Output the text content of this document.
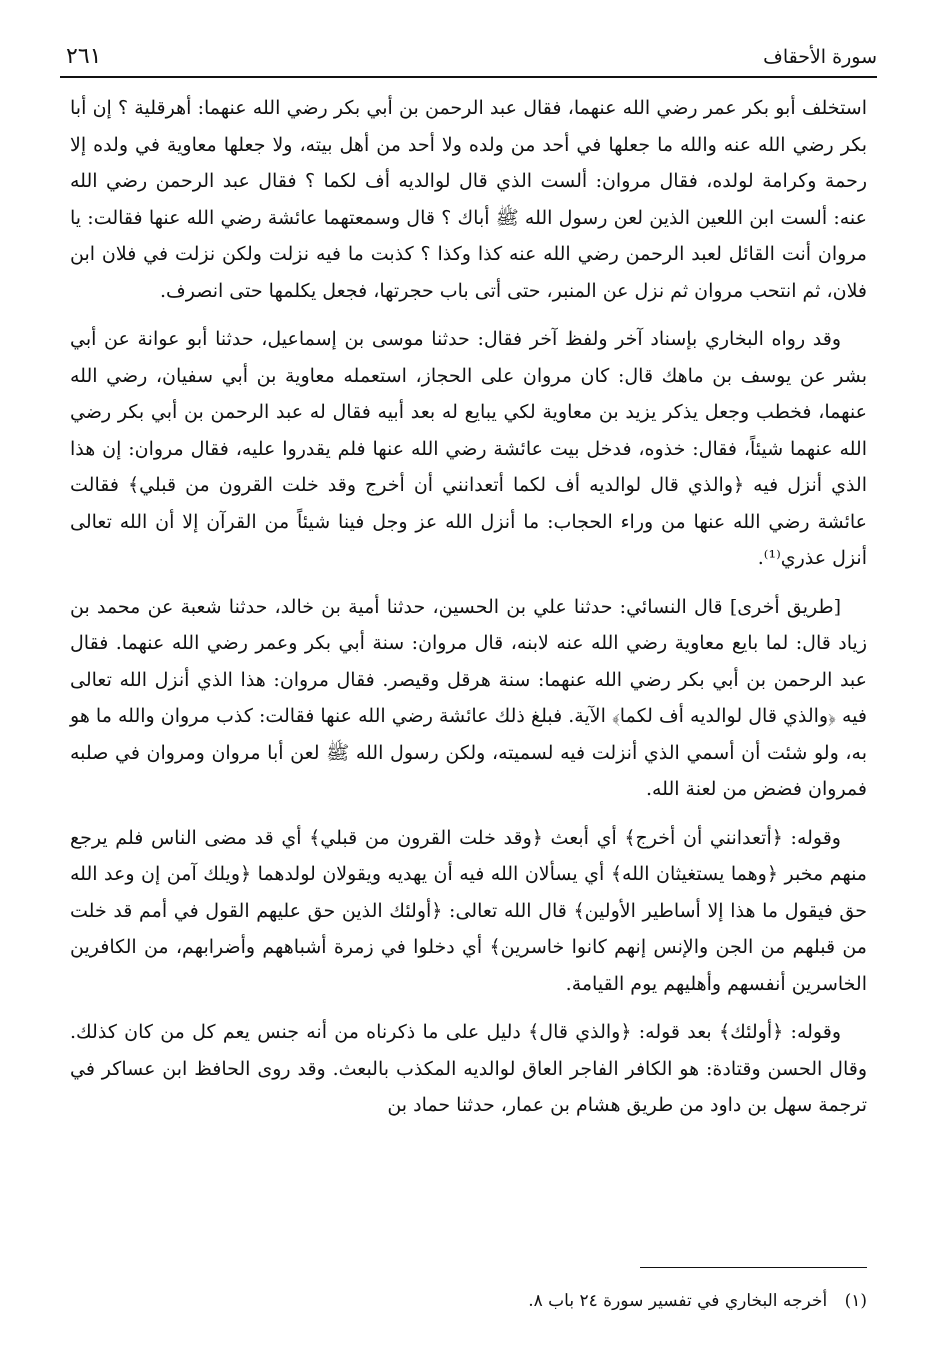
سورة الأحقاف
٢٦١

استخلف أبو بكر عمر رضي الله عنهما، فقال عبد الرحمن بن أبي بكر رضي الله عنهما: أهرقلية ؟ إن أبا بكر رضي الله عنه والله ما جعلها في أحد من ولده ولا أحد من أهل بيته، ولا جعلها معاوية في ولده إلا رحمة وكرامة لولده، فقال مروان: ألست الذي قال لوالديه أف لكما ؟ فقال عبد الرحمن رضي الله عنه: ألست ابن اللعين الذين لعن رسول الله ﷺ أباك ؟ قال وسمعتهما عائشة رضي الله عنها فقالت: يا مروان أنت القائل لعبد الرحمن رضي الله عنه كذا وكذا ؟ كذبت ما فيه نزلت ولكن نزلت في فلان ابن فلان، ثم انتحب مروان ثم نزل عن المنبر، حتى أتى باب حجرتها، فجعل يكلمها حتى انصرف.

وقد رواه البخاري بإسناد آخر ولفظ آخر فقال: حدثنا موسى بن إسماعيل، حدثنا أبو عوانة عن أبي بشر عن يوسف بن ماهك قال: كان مروان على الحجاز، استعمله معاوية بن أبي سفيان، رضي الله عنهما، فخطب وجعل يذكر يزيد بن معاوية لكي يبايع له بعد أبيه فقال له عبد الرحمن بن أبي بكر رضي الله عنهما شيئاً، فقال: خذوه، فدخل بيت عائشة رضي الله عنها فلم يقدروا عليه، فقال مروان: إن هذا الذي أنزل فيه ﴿والذي قال لوالديه أف لكما أتعدانني أن أخرج وقد خلت القرون من قبلي﴾ فقالت عائشة رضي الله عنها من وراء الحجاب: ما أنزل الله عز وجل فينا شيئاً من القرآن إلا أن الله تعالى أنزل عذري⁽¹⁾.

[طريق أخرى] قال النسائي: حدثنا علي بن الحسين، حدثنا أمية بن خالد، حدثنا شعبة عن محمد بن زياد قال: لما بايع معاوية رضي الله عنه لابنه، قال مروان: سنة أبي بكر وعمر رضي الله عنهما. فقال عبد الرحمن بن أبي بكر رضي الله عنهما: سنة هرقل وقيصر. فقال مروان: هذا الذي أنزل الله تعالى فيه ﴿والذي قال لوالديه أف لكما﴾ الآية. فبلغ ذلك عائشة رضي الله عنها فقالت: كذب مروان والله ما هو به، ولو شئت أن أسمي الذي أنزلت فيه لسميته، ولكن رسول الله ﷺ لعن أبا مروان ومروان في صلبه فمروان فضض من لعنة الله.

وقوله: ﴿أتعدانني أن أخرج﴾ أي أبعث ﴿وقد خلت القرون من قبلي﴾ أي قد مضى الناس فلم يرجع منهم مخبر ﴿وهما يستغيثان الله﴾ أي يسألان الله فيه أن يهديه ويقولان لولدهما ﴿ويلك آمن إن وعد الله حق فيقول ما هذا إلا أساطير الأولين﴾ قال الله تعالى: ﴿أولئك الذين حق عليهم القول في أمم قد خلت من قبلهم من الجن والإنس إنهم كانوا خاسرين﴾ أي دخلوا في زمرة أشباههم وأضرابهم، من الكافرين الخاسرين أنفسهم وأهليهم يوم القيامة.

وقوله: ﴿أولئك﴾ بعد قوله: ﴿والذي قال﴾ دليل على ما ذكرناه من أنه جنس يعم كل من كان كذلك. وقال الحسن وقتادة: هو الكافر الفاجر العاق لوالديه المكذب بالبعث. وقد روى الحافظ ابن عساكر في ترجمة سهل بن داود من طريق هشام بن عمار، حدثنا حماد بن

(١) أخرجه البخاري في تفسير سورة ٢٤ باب ٨.
